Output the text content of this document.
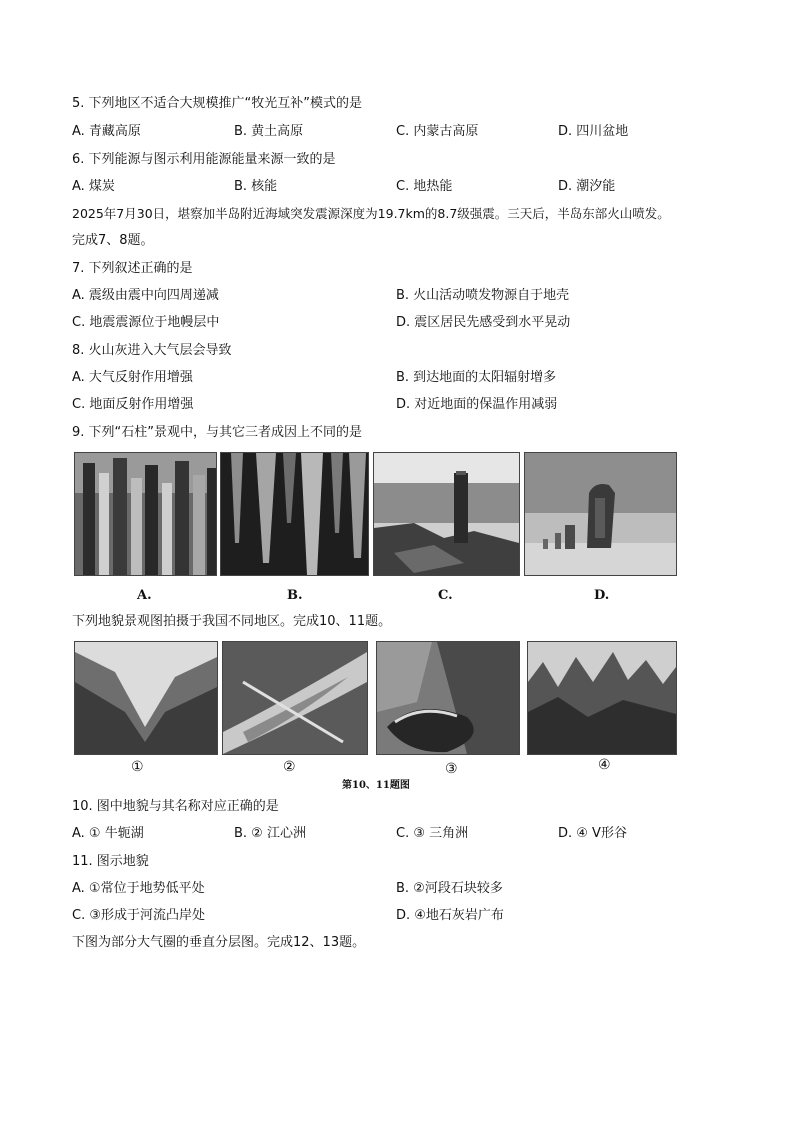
5. 下列地区不适合大规模推广“牧光互补”模式的是
A. 青藏高原	B. 黄土高原	C. 内蒙古高原	D. 四川盆地
6. 下列能源与图示利用能源能量来源一致的是
A. 煤炭	B. 核能	C. 地热能	D. 潮汐能
2025年7月30日，堪察加半岛附近海域突发震源深度为19.7km的8.7级强震。三天后，半岛东部火山喷发。
完成7、8题。
7. 下列叙述正确的是
A. 震级由震中向四周递减	B. 火山活动喷发物源自于地壳
C. 地震震源位于地幔层中	D. 震区居民先感受到水平晃动
8. 火山灰进入大气层会导致
A. 大气反射作用增强	B. 到达地面的太阳辐射增多
C. 地面反射作用增强	D. 对近地面的保温作用减弱
9. 下列“石柱”景观中，与其它三者成因上不同的是
A.	B.	C.	D.
下列地貌景观图拍摄于我国不同地区。完成10、11题。
①	②	③	④
第10、11题图
10. 图中地貌与其名称对应正确的是
A. ① 牛轭湖	B. ② 江心洲	C. ③ 三角洲	D. ④ V形谷
11. 图示地貌
A. ①常位于地势低平处	B. ②河段石块较多
C. ③形成于河流凸岸处	D. ④地石灰岩广布
下图为部分大气圈的垂直分层图。完成12、13题。
